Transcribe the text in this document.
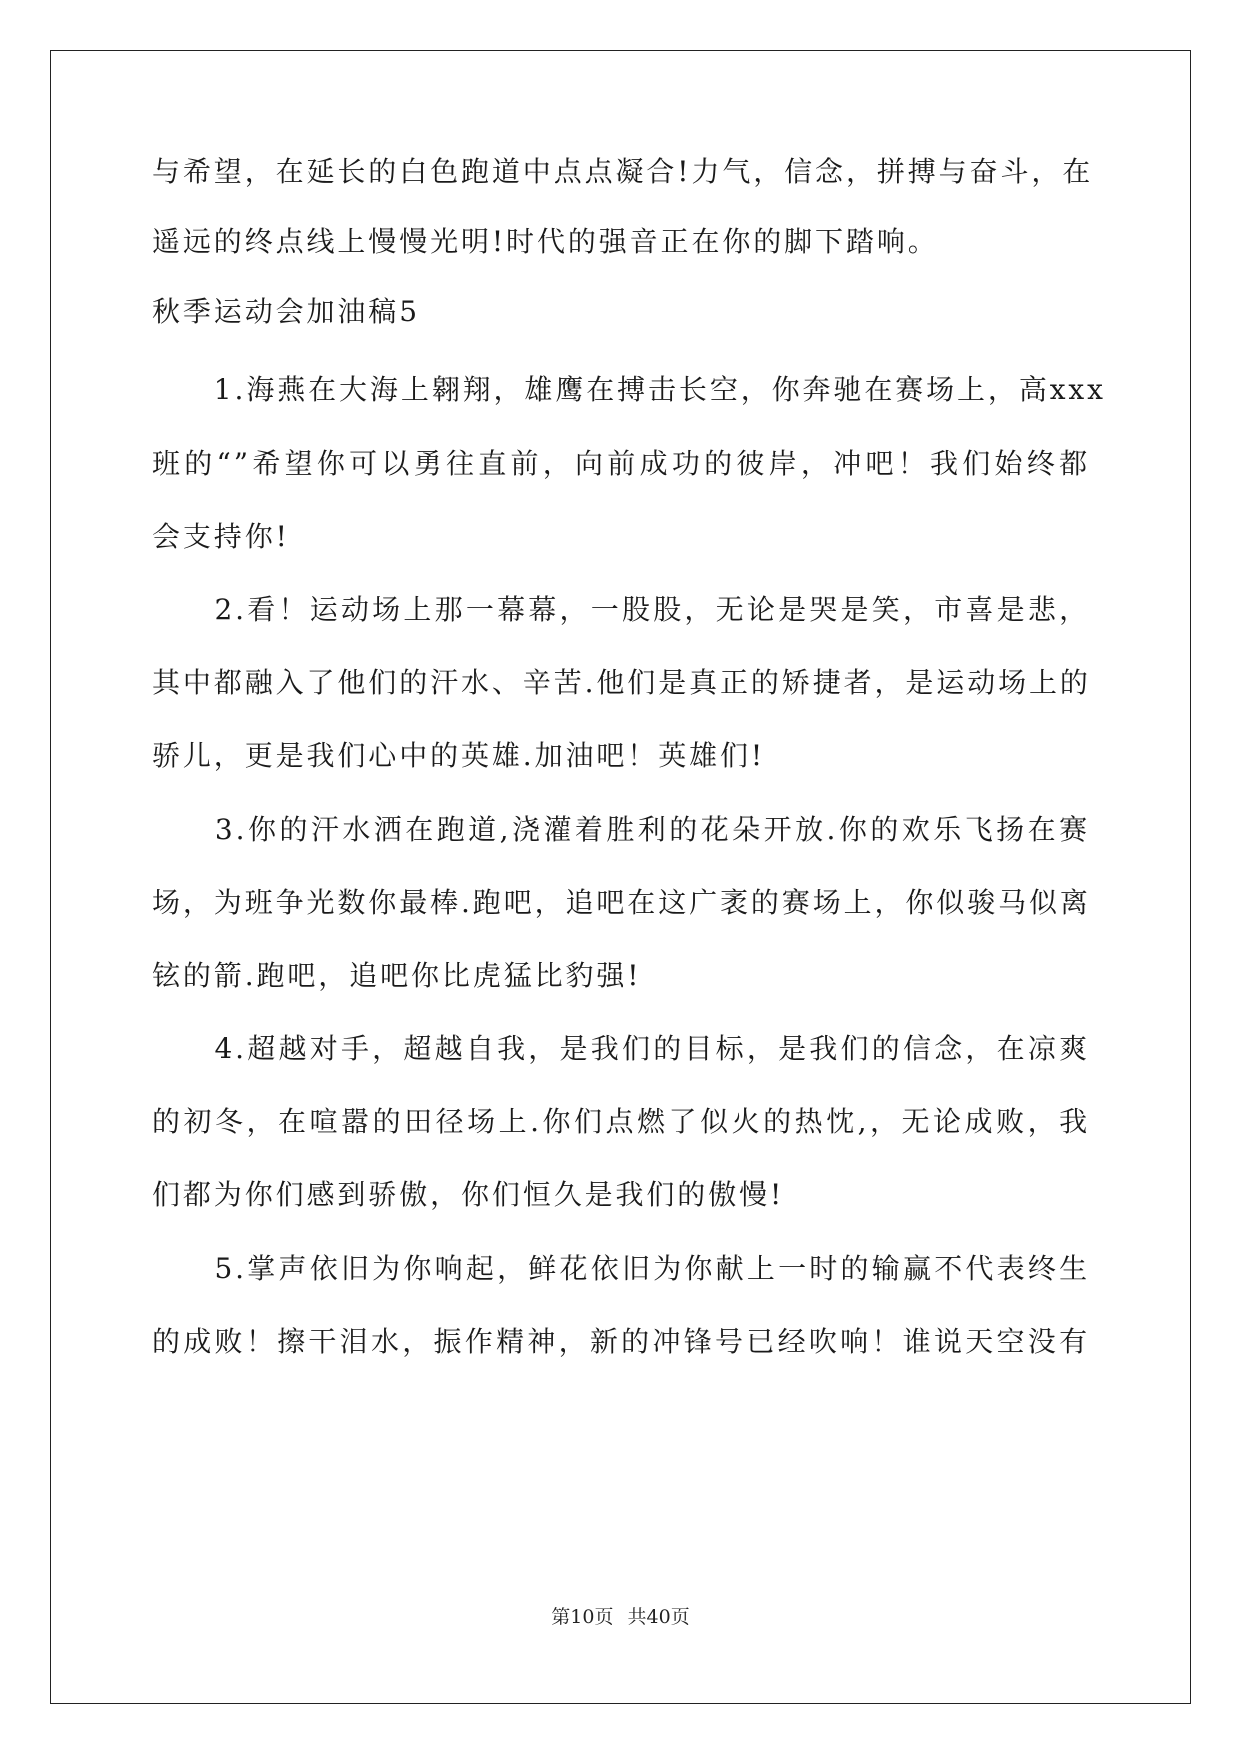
与希望，在延长的白色跑道中点点凝合!力气，信念，拼搏与奋斗，在
遥远的终点线上慢慢光明!时代的强音正在你的脚下踏响。
秋季运动会加油稿5
　　1.海燕在大海上翱翔，雄鹰在搏击长空，你奔驰在赛场上，高xxx
班的“”希望你可以勇往直前，向前成功的彼岸，冲吧！我们始终都
会支持你!
　　2.看！运动场上那一幕幕，一股股，无论是哭是笑，市喜是悲，
其中都融入了他们的汗水、辛苦.他们是真正的矫捷者，是运动场上的
骄儿，更是我们心中的英雄.加油吧！英雄们!
　　3.你的汗水洒在跑道,浇灌着胜利的花朵开放.你的欢乐飞扬在赛
场，为班争光数你最棒.跑吧，追吧在这广袤的赛场上，你似骏马似离
铉的箭.跑吧，追吧你比虎猛比豹强!
　　4.超越对手，超越自我，是我们的目标，是我们的信念，在凉爽
的初冬，在喧嚣的田径场上.你们点燃了似火的热忱,，无论成败，我
们都为你们感到骄傲，你们恒久是我们的傲慢!
　　5.掌声依旧为你响起，鲜花依旧为你献上一时的输赢不代表终生
的成败！擦干泪水，振作精神，新的冲锋号已经吹响！谁说天空没有
第10页 共40页
